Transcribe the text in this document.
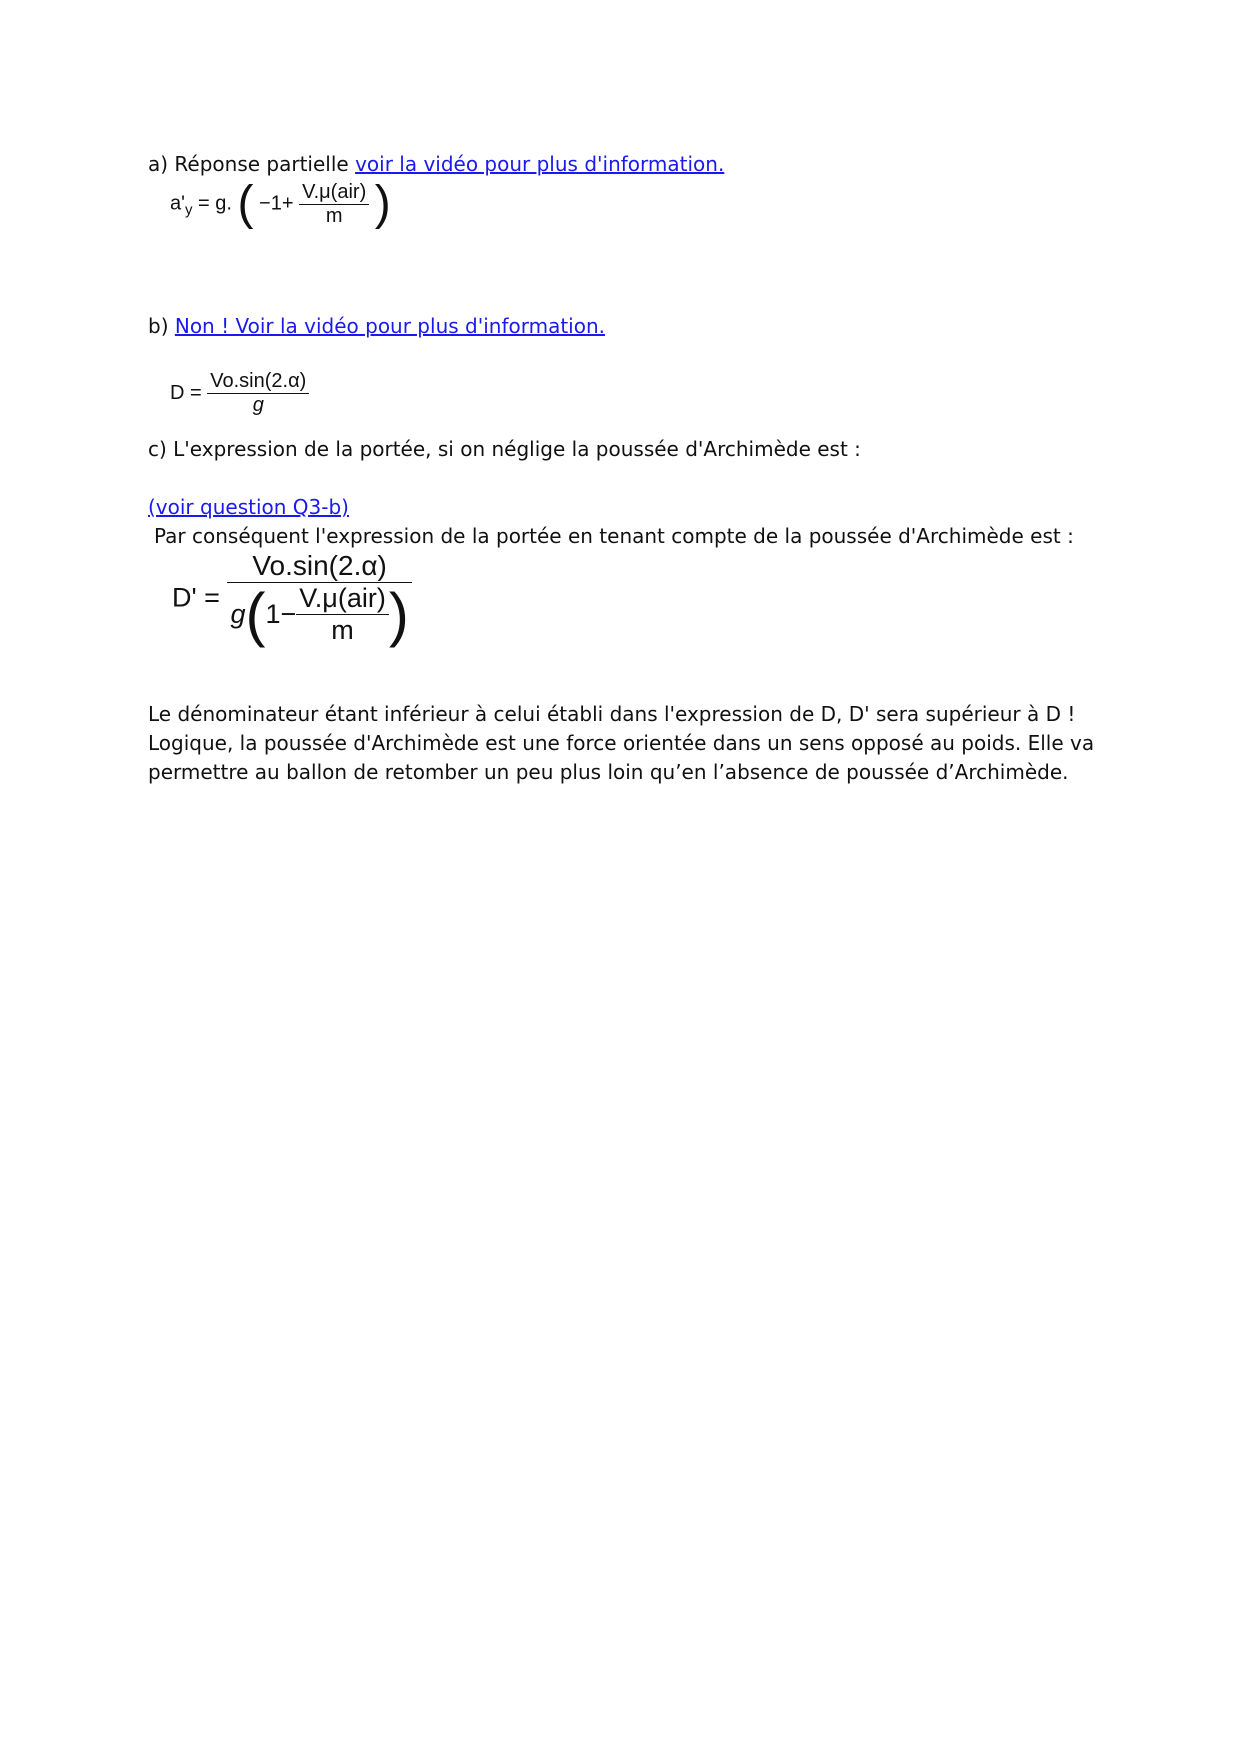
a) Réponse partielle voir la vidéo pour plus d'information.
$a'_y = g$. ( $-1+ \frac{\text{V.μ(air)}}{m}$ )
b) Non ! Voir la vidéo pour plus d'information.
$D = \frac{Vo.\sin(2.\alpha)}{g}$
c) L'expression de la portée, si on néglige la poussée d'Archimède est :
(voir question Q3-b)
Par conséquent l'expression de la portée en tenant compte de la poussée d'Archimède est :
D' =
Vo.sin(2.α)
g ( $1- \frac{\text{V.μ(air)}}{m}$ )
Le dénominateur étant inférieur à celui établi dans l'expression de D, D' sera supérieur à D !
Logique, la poussée d'Archimède est une force orientée dans un sens opposé au poids. Elle va
permettre au ballon de retomber un peu plus loin qu’en l’absence de poussée d’Archimède.
